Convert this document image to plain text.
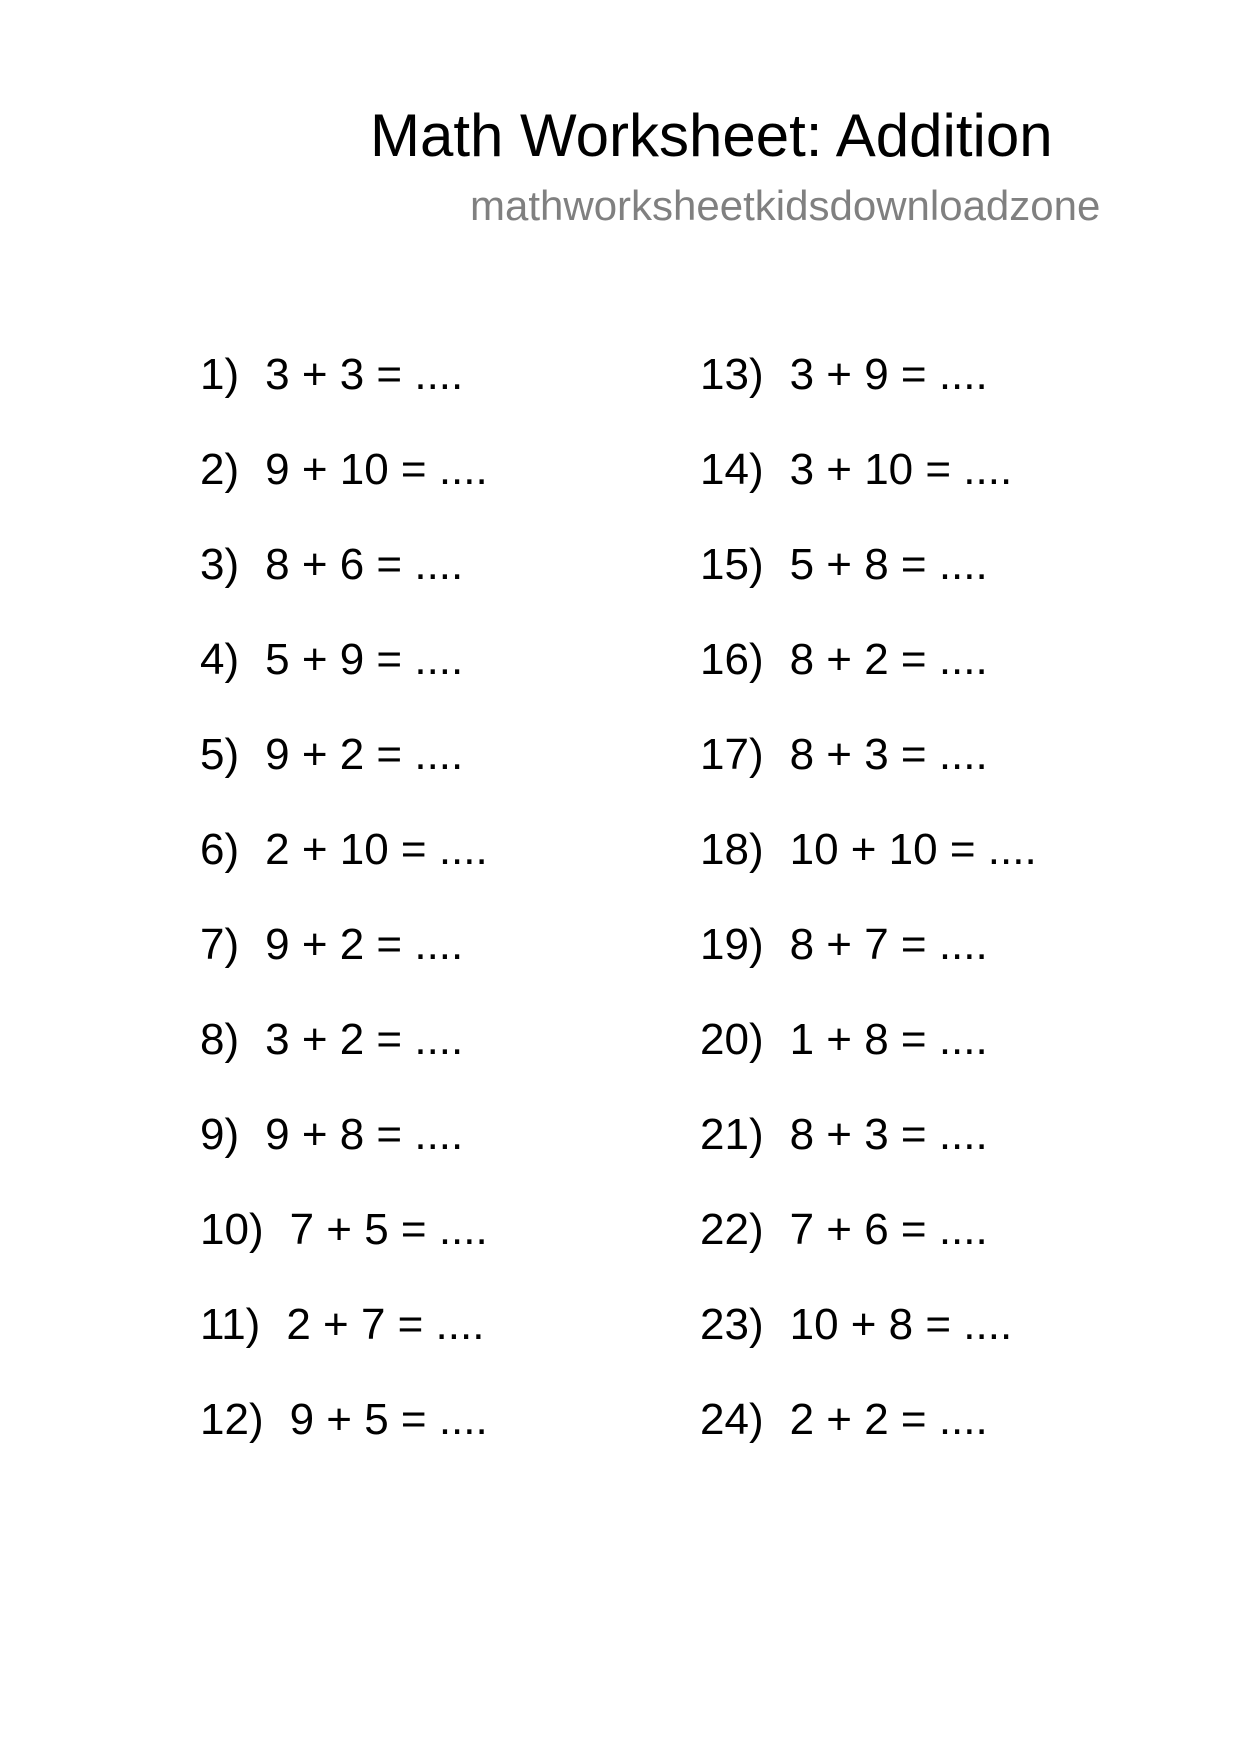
Math Worksheet: Addition
mathworksheetkidsdownloadzone
1) 3 + 3 = ....
2) 9 + 10 = ....
3) 8 + 6 = ....
4) 5 + 9 = ....
5) 9 + 2 = ....
6) 2 + 10 = ....
7) 9 + 2 = ....
8) 3 + 2 = ....
9) 9 + 8 = ....
10) 7 + 5 = ....
11) 2 + 7 = ....
12) 9 + 5 = ....
13) 3 + 9 = ....
14) 3 + 10 = ....
15) 5 + 8 = ....
16) 8 + 2 = ....
17) 8 + 3 = ....
18) 10 + 10 = ....
19) 8 + 7 = ....
20) 1 + 8 = ....
21) 8 + 3 = ....
22) 7 + 6 = ....
23) 10 + 8 = ....
24) 2 + 2 = ....
